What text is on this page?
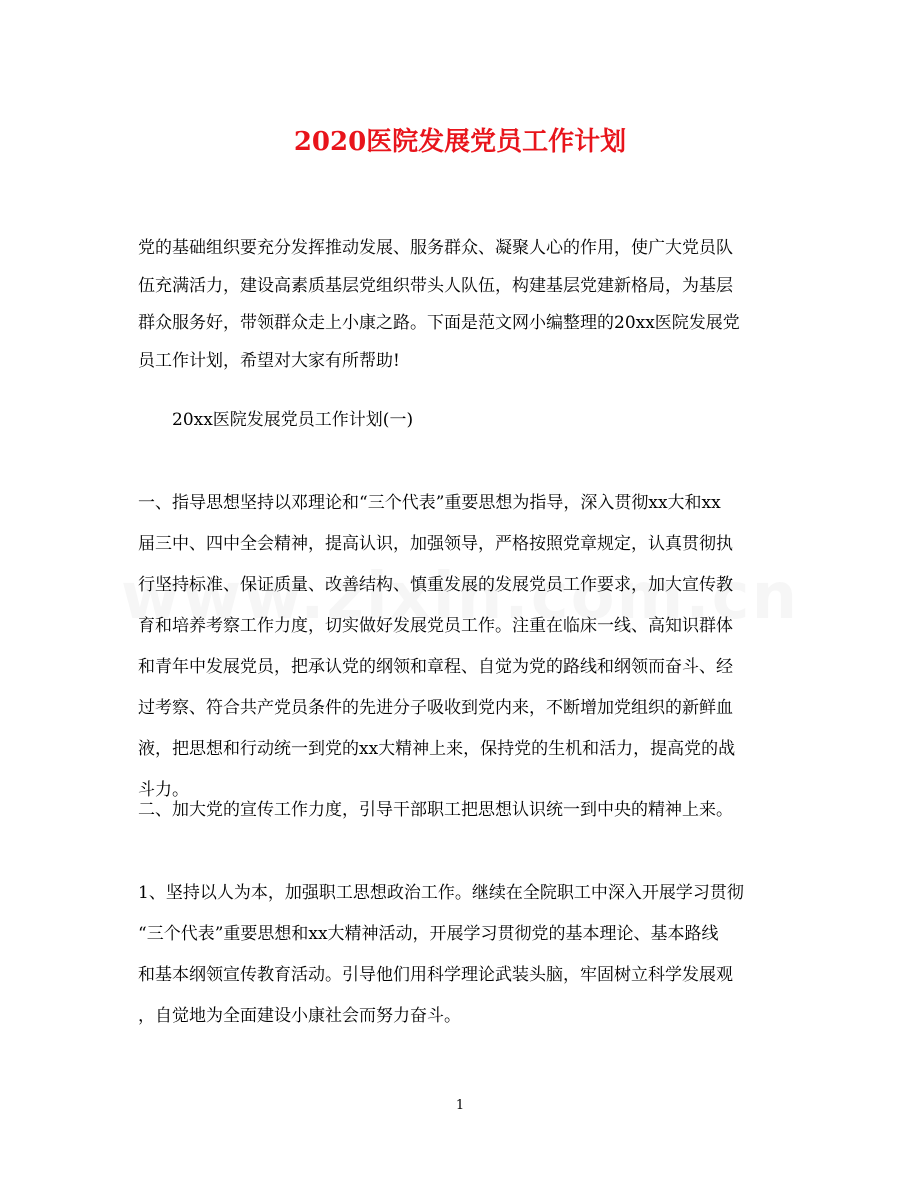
2020医院发展党员工作计划
党的基础组织要充分发挥推动发展、服务群众、凝聚人心的作用，使广大党员队
伍充满活力，建设高素质基层党组织带头人队伍，构建基层党建新格局，为基层
群众服务好，带领群众走上小康之路。下面是范文网小编整理的20xx医院发展党
员工作计划，希望对大家有所帮助!
20xx医院发展党员工作计划(一)
一、指导思想坚持以邓理论和“三个代表”重要思想为指导，深入贯彻xx大和xx
届三中、四中全会精神，提高认识，加强领导，严格按照党章规定，认真贯彻执
行坚持标准、保证质量、改善结构、慎重发展的发展党员工作要求，加大宣传教
育和培养考察工作力度，切实做好发展党员工作。注重在临床一线、高知识群体
和青年中发展党员，把承认党的纲领和章程、自觉为党的路线和纲领而奋斗、经
过考察、符合共产党员条件的先进分子吸收到党内来，不断增加党组织的新鲜血
液，把思想和行动统一到党的xx大精神上来，保持党的生机和活力，提高党的战
斗力。
二、加大党的宣传工作力度，引导干部职工把思想认识统一到中央的精神上来。
1、坚持以人为本，加强职工思想政治工作。继续在全院职工中深入开展学习贯彻
“三个代表”重要思想和xx大精神活动，开展学习贯彻党的基本理论、基本路线
和基本纲领宣传教育活动。引导他们用科学理论武装头脑，牢固树立科学发展观
，自觉地为全面建设小康社会而努力奋斗。
1
